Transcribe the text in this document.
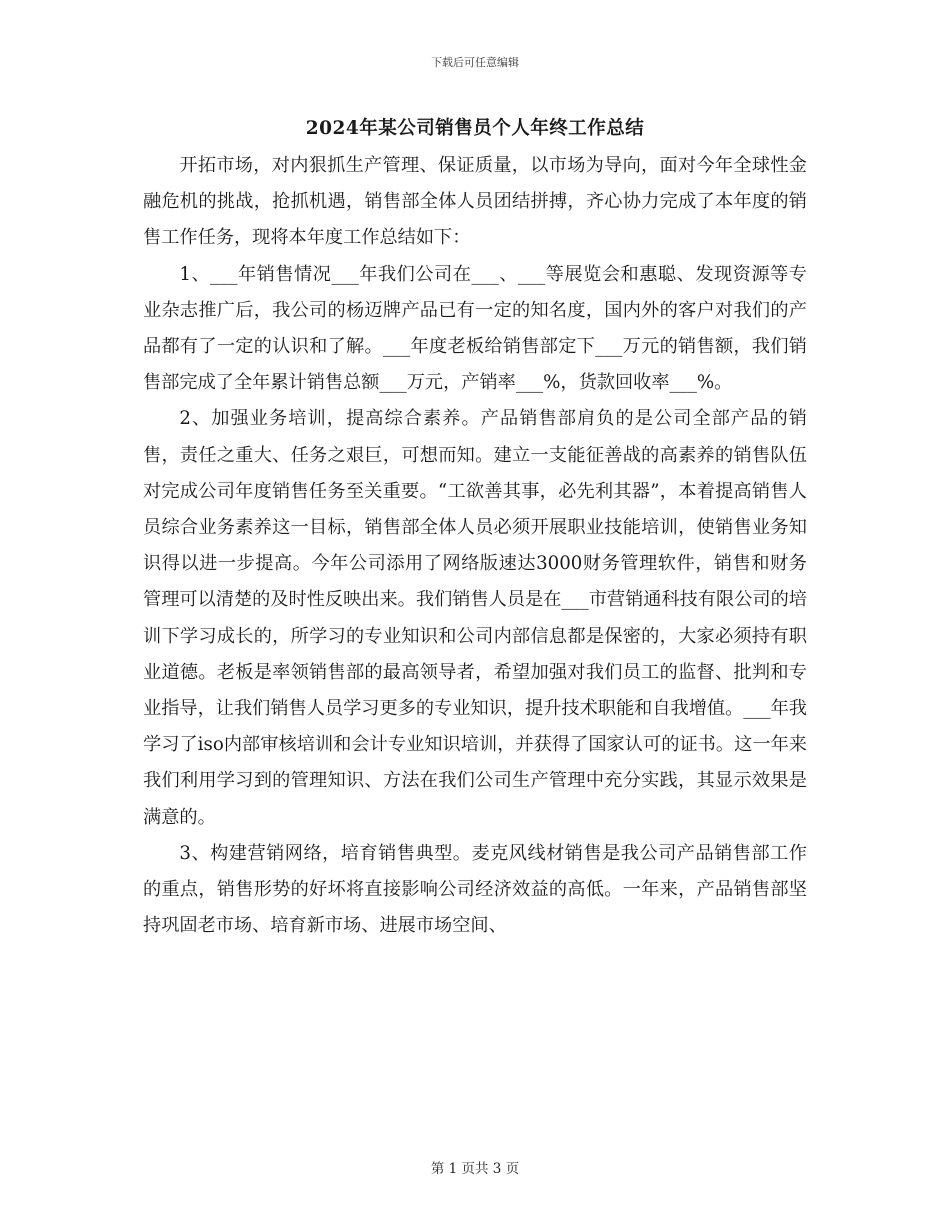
下载后可任意编辑
2024年某公司销售员个人年终工作总结

开拓市场，对内狠抓生产管理、保证质量，以市场为导向，面对今年全球性金融危机的挑战，抢抓机遇，销售部全体人员团结拼搏，齐心协力完成了本年度的销售工作任务，现将本年度工作总结如下：

1、___年销售情况___年我们公司在___、___等展览会和惠聪、发现资源等专业杂志推广后，我公司的杨迈牌产品已有一定的知名度，国内外的客户对我们的产品都有了一定的认识和了解。___年度老板给销售部定下___万元的销售额，我们销售部完成了全年累计销售总额___万元，产销率___%，货款回收率___%。

2、加强业务培训，提高综合素养。产品销售部肩负的是公司全部产品的销售，责任之重大、任务之艰巨，可想而知。建立一支能征善战的高素养的销售队伍对完成公司年度销售任务至关重要。“工欲善其事，必先利其器”，本着提高销售人员综合业务素养这一目标，销售部全体人员必须开展职业技能培训，使销售业务知识得以进一步提高。今年公司添用了网络版速达3000财务管理软件，销售和财务管理可以清楚的及时性反映出来。我们销售人员是在___市营销通科技有限公司的培训下学习成长的，所学习的专业知识和公司内部信息都是保密的，大家必须持有职业道德。老板是率领销售部的最高领导者，希望加强对我们员工的监督、批判和专业指导，让我们销售人员学习更多的专业知识，提升技术职能和自我增值。___年我学习了iso内部审核培训和会计专业知识培训，并获得了国家认可的证书。这一年来我们利用学习到的管理知识、方法在我们公司生产管理中充分实践，其显示效果是满意的。

3、构建营销网络，培育销售典型。麦克风线材销售是我公司产品销售部工作的重点，销售形势的好坏将直接影响公司经济效益的高低。一年来，产品销售部坚持巩固老市场、培育新市场、进展市场空间、

第 1 页共 3 页
